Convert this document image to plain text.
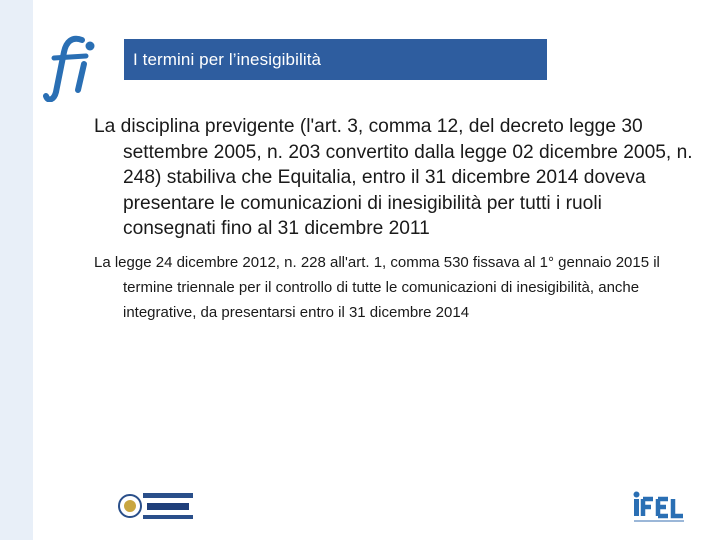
I termini per l’inesigibilità

La disciplina previgente (l'art. 3, comma 12, del decreto legge 30 settembre 2005, n. 203 convertito dalla legge 02 dicembre 2005, n. 248) stabiliva che Equitalia, entro il 31 dicembre 2014 doveva presentare le comunicazioni di inesigibilità per tutti i ruoli consegnati fino al 31 dicembre 2011

La legge 24 dicembre 2012, n. 228 all'art. 1, comma 530 fissava al 1° gennaio 2015 il termine triennale per il controllo di tutte le comunicazioni di inesigibilità, anche integrative, da presentarsi entro il 31 dicembre 2014
